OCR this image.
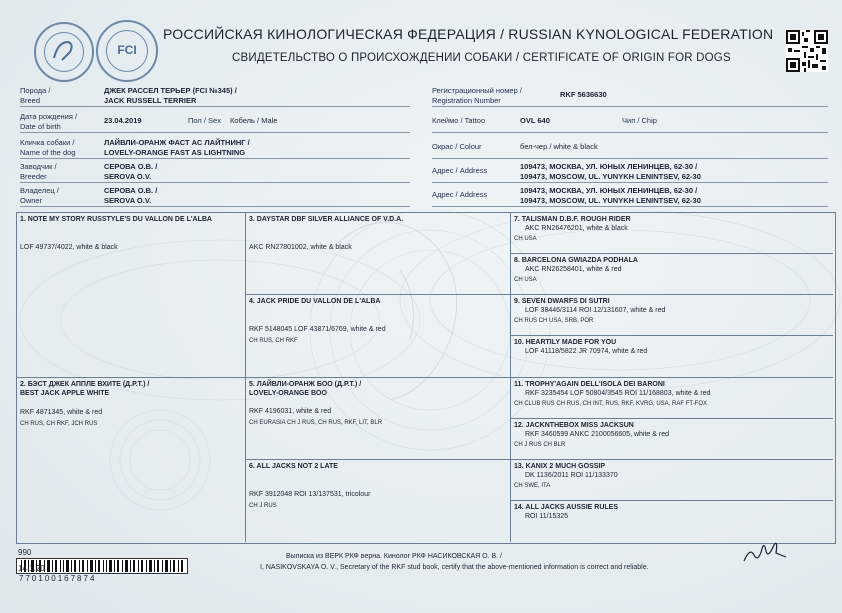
FCI
РОССИЙСКАЯ КИНОЛОГИЧЕСКАЯ ФЕДЕРАЦИЯ / RUSSIAN KYNOLOGICAL FEDERATION
СВИДЕТЕЛЬСТВО О ПРОИСХОЖДЕНИИ СОБАКИ / CERTIFICATE OF ORIGIN FOR DOGS
Порода /
Breed
ДЖЕК РАССЕЛ ТЕРЬЕР (FCI №345) /
JACK RUSSELL TERRIER
Дата рождения /
Date of birth
23.04.2019	Пол / Sex Кобель / Male
Кличка собаки /
Name of the dog
ЛАЙВЛИ-ОРАНЖ ФАСТ АС ЛАЙТНИНГ /
LOVELY-ORANGE FAST AS LIGHTNING
Заводчик /
Breeder
СЕРОВА О.В. /
SEROVA O.V.
Владелец /
Owner
СЕРОВА О.В. /
SEROVA O.V.
Регистрационный номер /
Registration Number
RKF 5636630
Клеймо / Tattoo	OVL 640	Чип / Chip
Окрас / Colour	бел-чер / white & black
Адрес / Address	109473, МОСКВА, УЛ. ЮНЫХ ЛЕНИНЦЕВ, 62-30 /
109473, MOSCOW, UL. YUNYKH LENINTSEV, 62-30
Адрес / Address	109473, МОСКВА, УЛ. ЮНЫХ ЛЕНИНЦЕВ, 62-30 /
109473, MOSCOW, UL. YUNYKH LENINTSEV, 62-30
1. NOTE MY STORY RUSSTYLE'S DU VALLON DE L'ALBA
LOF 49737/4022, white & black
2. БЭСТ ДЖЕК АППЛЕ ВХИТЕ (Д.Р.Т.) /
BEST JACK APPLE WHITE
RKF 4871345, white & red
CH RUS, CH RKF, JCH RUS
3. DAYSTAR DBF SILVER ALLIANCE OF V.D.A.
AKC RN27801002, white & black
4. JACK PRIDE DU VALLON DE L'ALBA
RKF 5148045 LOF 43871/6769, white & red
CH RUS, CH RKF
5. ЛАЙВЛИ-ОРАНЖ БОО (Д.Р.Т.) /
LOVELY-ORANGE BOO
RKF 4196031, white & red
CH EURASIA CH J RUS, CH RUS, RKF, LIT, BLR
6. ALL JACKS NOT 2 LATE
RKF 3912048 ROI 13/137531, tricolour
CH J RUS
7. TALISMAN D.B.F. ROUGH RIDER
AKC RN26476201, white & black
CH USA
8. BARCELONA GWIAZDA PODHALA
AKC RN26258401, white & red
CH USA
9. SEVEN DWARFS DI SUTRI
LOF 38446/3114 ROI 12/131607, white & red
CH RUS CH USA, SRB, POR
10. HEARTILY MADE FOR YOU
LOF 41118/5822 JR 70974, white & red
11. TROPHY'AGAIN DELL'ISOLA DEI BARONI
RKF 3235454 LOF 50804/3545 ROI 11/168803, white & red
CH CLUB RUS CH RUS, CH INT, RUS, RKF, KVRG, USA, RAF FT-FOX
12. JACKNTHEBOX MISS JACKSUN
RKF 3460599 ANKC 2100056605, white & red
CH J RUS CH BLR
13. KANIX 2 MUCH GOSSIP
DK 1136/2011 ROI 11/133370
CH SWE, ITA
14. ALL JACKS AUSSIE RULES
ROI 11/15325
990
14.1.20
770100167874
Выписка из ВЕРК РКФ верна. Кинолог РКФ НАСИКОВСКАЯ О. В. /
I, NASIKOVSKAYA O. V., Secretary of the RKF stud book, certify that the above-mentioned information is correct and reliable.
